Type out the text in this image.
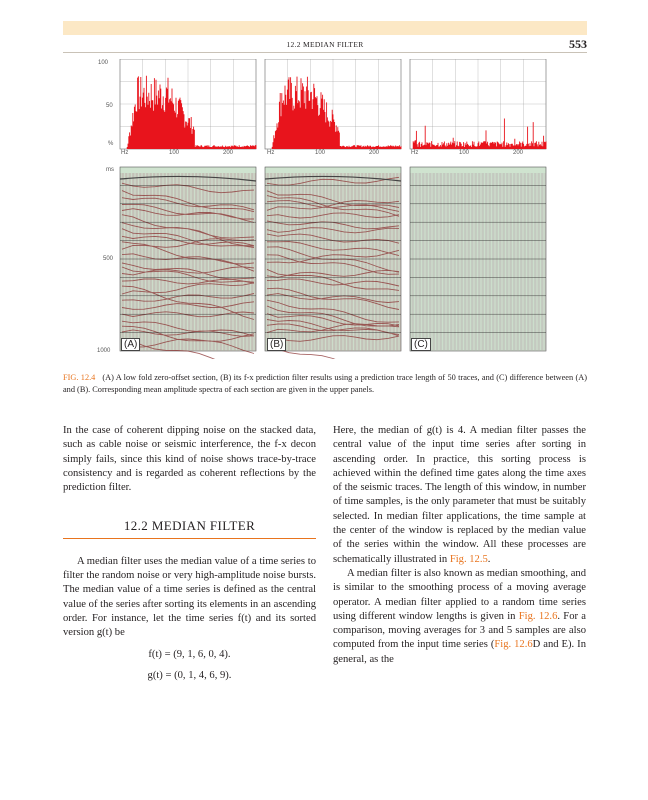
12.2 MEDIAN FILTER	553
100
50
%
Hz	100	200	Hz	100	200	Hz	100	200
ms
500
1000
(A)	(B)	(C)
FIG. 12.4 (A) A low fold zero-offset section, (B) its f-x prediction filter results using a prediction trace length of 50 traces, and (C) difference between (A) and (B). Corresponding mean amplitude spectra of each section are given in the upper panels.

In the case of coherent dipping noise on the stacked data, such as cable noise or seismic interference, the f-x decon simply fails, since this kind of noise shows trace-by-trace consistency and is regarded as coherent reflections by the prediction filter.

12.2 MEDIAN FILTER

A median filter uses the median value of a time series to filter the random noise or very high-amplitude noise bursts. The median value of a time series is defined as the central value of the series after sorting its elements in an ascending order. For instance, let the time series f(t) and its sorted version g(t) be

f(t) = (9, 1, 6, 0, 4).
g(t) = (0, 1, 4, 6, 9).

Here, the median of g(t) is 4. A median filter passes the central value of the input time series after sorting in ascending order. In practice, this sorting process is achieved within the defined time gates along the time axes of the seismic traces. The length of this window, in number of time samples, is the only parameter that must be suitably selected. In median filter applications, the time sample at the center of the window is replaced by the median value of the series within the window. All these processes are schematically illustrated in Fig. 12.5.

A median filter is also known as median smoothing, and is similar to the smoothing process of a moving average operator. A median filter applied to a random time series using different window lengths is given in Fig. 12.6. For a comparison, moving averages for 3 and 5 samples are also computed from the input time series (Fig. 12.6D and E). In general, as the
